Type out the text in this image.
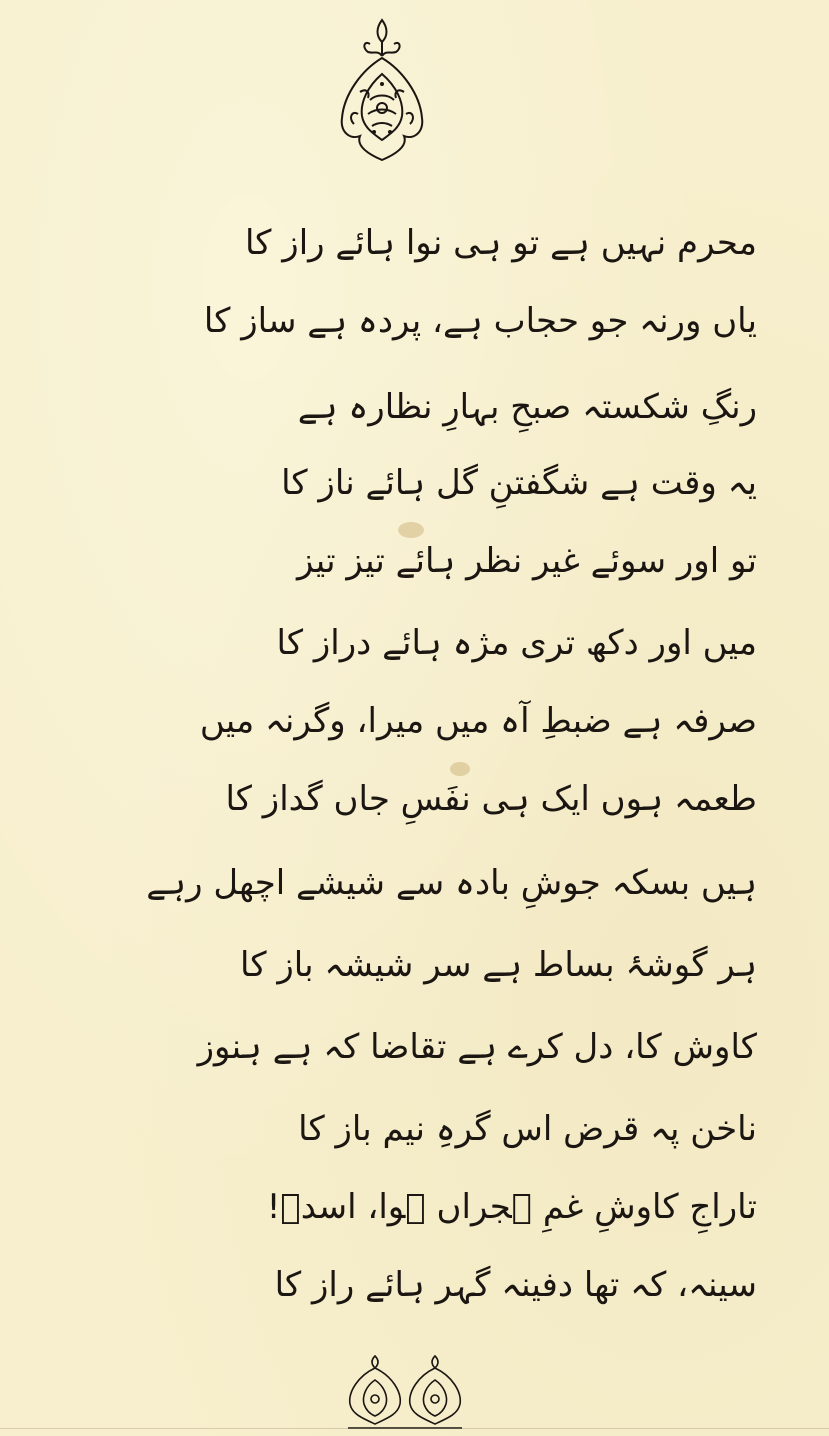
محرم نہیں ہے تو ہی نوا ہائے راز کا
یاں ورنہ جو حجاب ہے، پردہ ہے ساز کا
رنگِ شکستہ صبحِ بہارِ نظارہ ہے
یہ وقت ہے شگفتنِ گل ہائے ناز کا
تو اور سوئے غیر نظر ہائے تیز تیز
میں اور دکھ تری مژہ ہائے دراز کا
صرفہ ہے ضبطِ آہ میں میرا، وگرنہ میں
طعمہ ہوں ایک ہی نفَسِ جاں گداز کا
ہیں بسکہ جوشِ بادہ سے شیشے اچھل رہے
ہر گوشۂ بساط ہے سر شیشہ باز کا
کاوش کا، دل کرے ہے تقاضا کہ ہے ہنوز
ناخن پہ قرض اس گرہِ نیم باز کا
تاراجِ کاوشِ غمِ ہجراں ہوا، اسدؔ!
سینہ، کہ تھا دفینہ گہر ہائے راز کا
